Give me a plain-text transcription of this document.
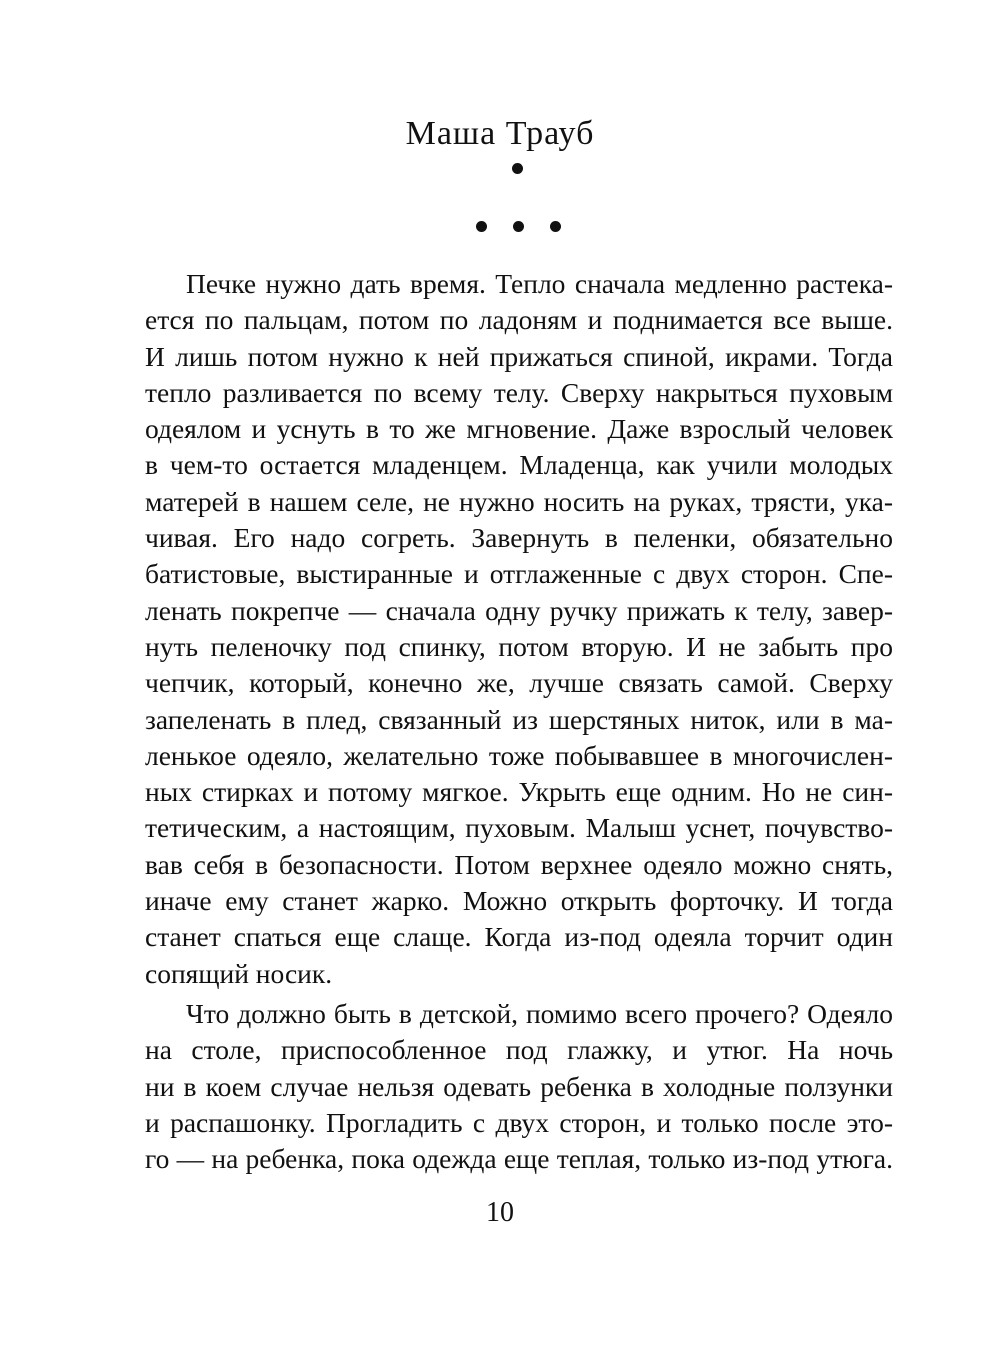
Маша Трауб
Печке нужно дать время. Тепло сначала медленно растека-
ется по пальцам, потом по ладоням и поднимается все выше.
И лишь потом нужно к ней прижаться спиной, икрами. Тогда
тепло разливается по всему телу. Сверху накрыться пуховым
одеялом и уснуть в то же мгновение. Даже взрослый человек
в чем-то остается младенцем. Младенца, как учили молодых
матерей в нашем селе, не нужно носить на руках, трясти, ука-
чивая. Его надо согреть. Завернуть в пеленки, обязательно
батистовые, выстиранные и отглаженные с двух сторон. Спе-
ленать покрепче — сначала одну ручку прижать к телу, завер-
нуть пеленочку под спинку, потом вторую. И не забыть про
чепчик, который, конечно же, лучше связать самой. Сверху
запеленать в плед, связанный из шерстяных ниток, или в ма-
ленькое одеяло, желательно тоже побывавшее в многочислен-
ных стирках и потому мягкое. Укрыть еще одним. Но не син-
тетическим, а настоящим, пуховым. Малыш уснет, почувство-
вав себя в безопасности. Потом верхнее одеяло можно снять,
иначе ему станет жарко. Можно открыть форточку. И тогда
станет спаться еще слаще. Когда из-под одеяла торчит один
сопящий носик.
Что должно быть в детской, помимо всего прочего? Одеяло
на столе, приспособленное под глажку, и утюг. На ночь
ни в коем случае нельзя одевать ребенка в холодные ползунки
и распашонку. Прогладить с двух сторон, и только после это-
го — на ребенка, пока одежда еще теплая, только из-под утюга.
10
